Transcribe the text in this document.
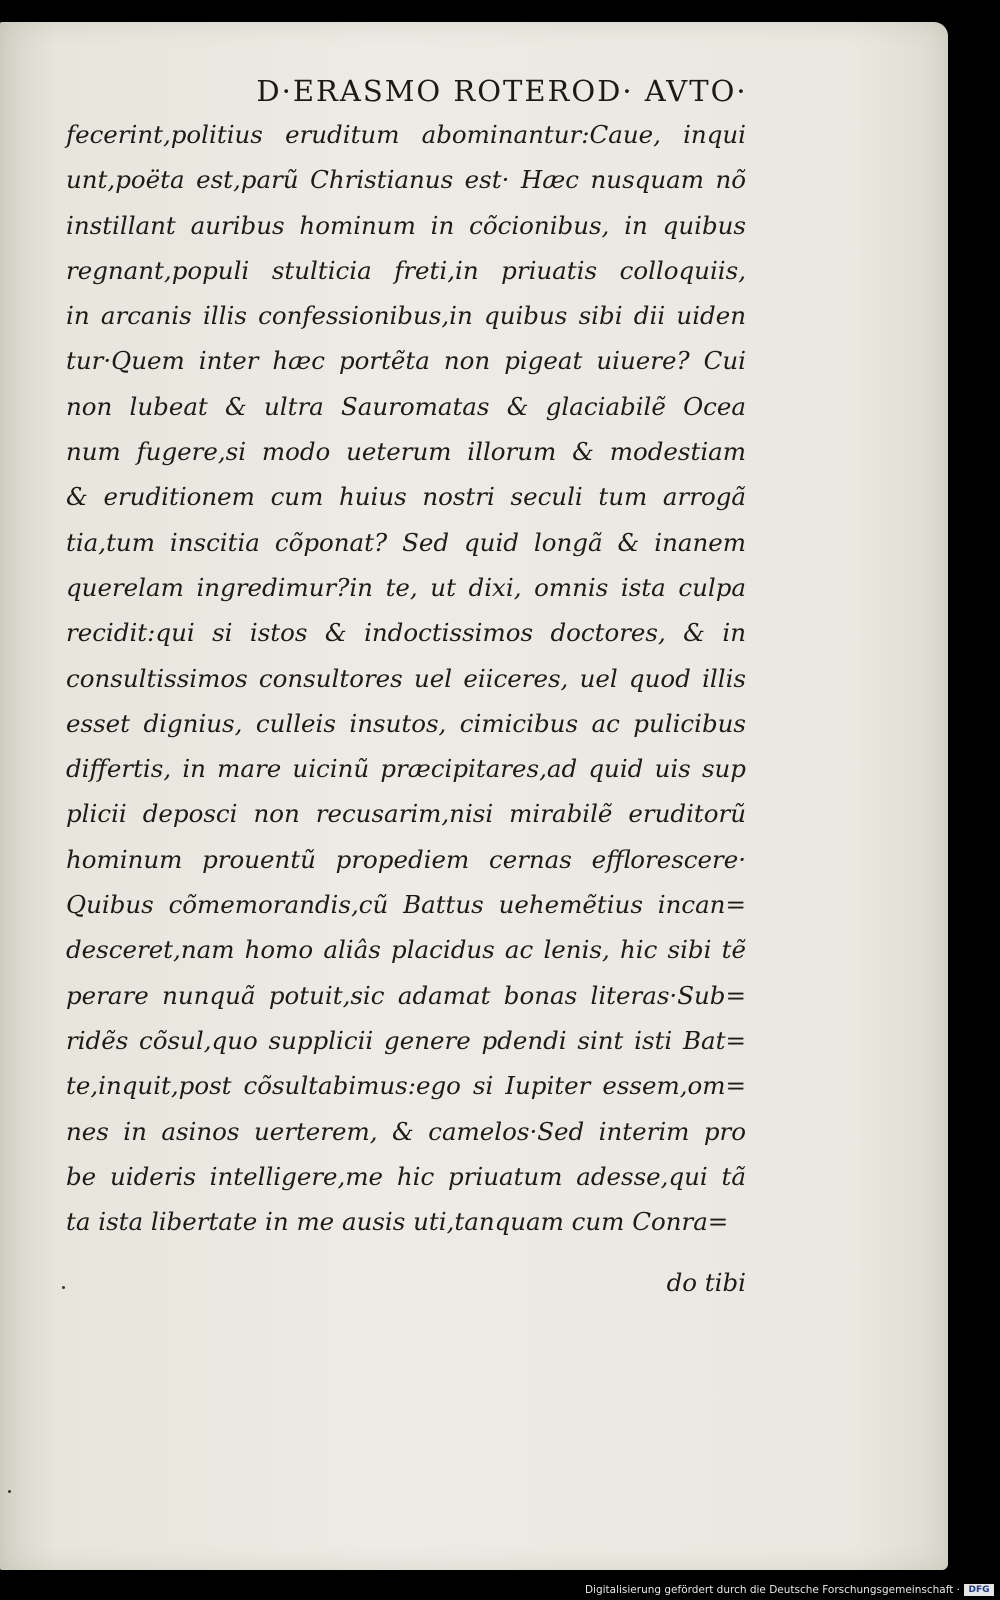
D·ERASMO ROTEROD· AVTO·
fecerint,politius eruditum abominantur:Caue, inqui
unt,poëta est,parũ Christianus est· Hæc nusquam nõ
instillant auribus hominum in cõcionibus, in quibus
regnant,populi stulticia freti,in priuatis colloquiis,
in arcanis illis confessionibus,in quibus sibi dii uiden
tur·Quem inter hæc portẽta non pigeat uiuere? Cui
non lubeat & ultra Sauromatas & glaciabilẽ Ocea
num fugere,si modo ueterum illorum & modestiam
& eruditionem cum huius nostri seculi tum arrogã
tia,tum inscitia cõponat? Sed quid longã & inanem
querelam ingredimur?in te, ut dixi, omnis ista culpa
recidit:qui si istos & indoctissimos doctores, & in
consultissimos consultores uel eiiceres, uel quod illis
esset dignius, culleis insutos, cimicibus ac pulicibus
differtis, in mare uicinũ præcipitares,ad quid uis sup
plicii deposci non recusarim,nisi mirabilẽ eruditorũ
hominum prouentũ propediem cernas efflorescere·
Quibus cõmemorandis,cũ Battus uehemẽtius incan=
desceret,nam homo aliâs placidus ac lenis, hic sibi tẽ
perare nunquã potuit,sic adamat bonas literas·Sub=
ridẽs cõsul,quo supplicii genere pdendi sint isti Bat=
te,inquit,post cõsultabimus:ego si Iupiter essem,om=
nes in asinos uerterem, & camelos·Sed interim pro
be uideris intelligere,me hic priuatum adesse,qui tã
ta ista libertate in me ausis uti,tanquam cum Conra=
do tibi
Digitalisierung gefördert durch die Deutsche Forschungsgemeinschaft · DFG
